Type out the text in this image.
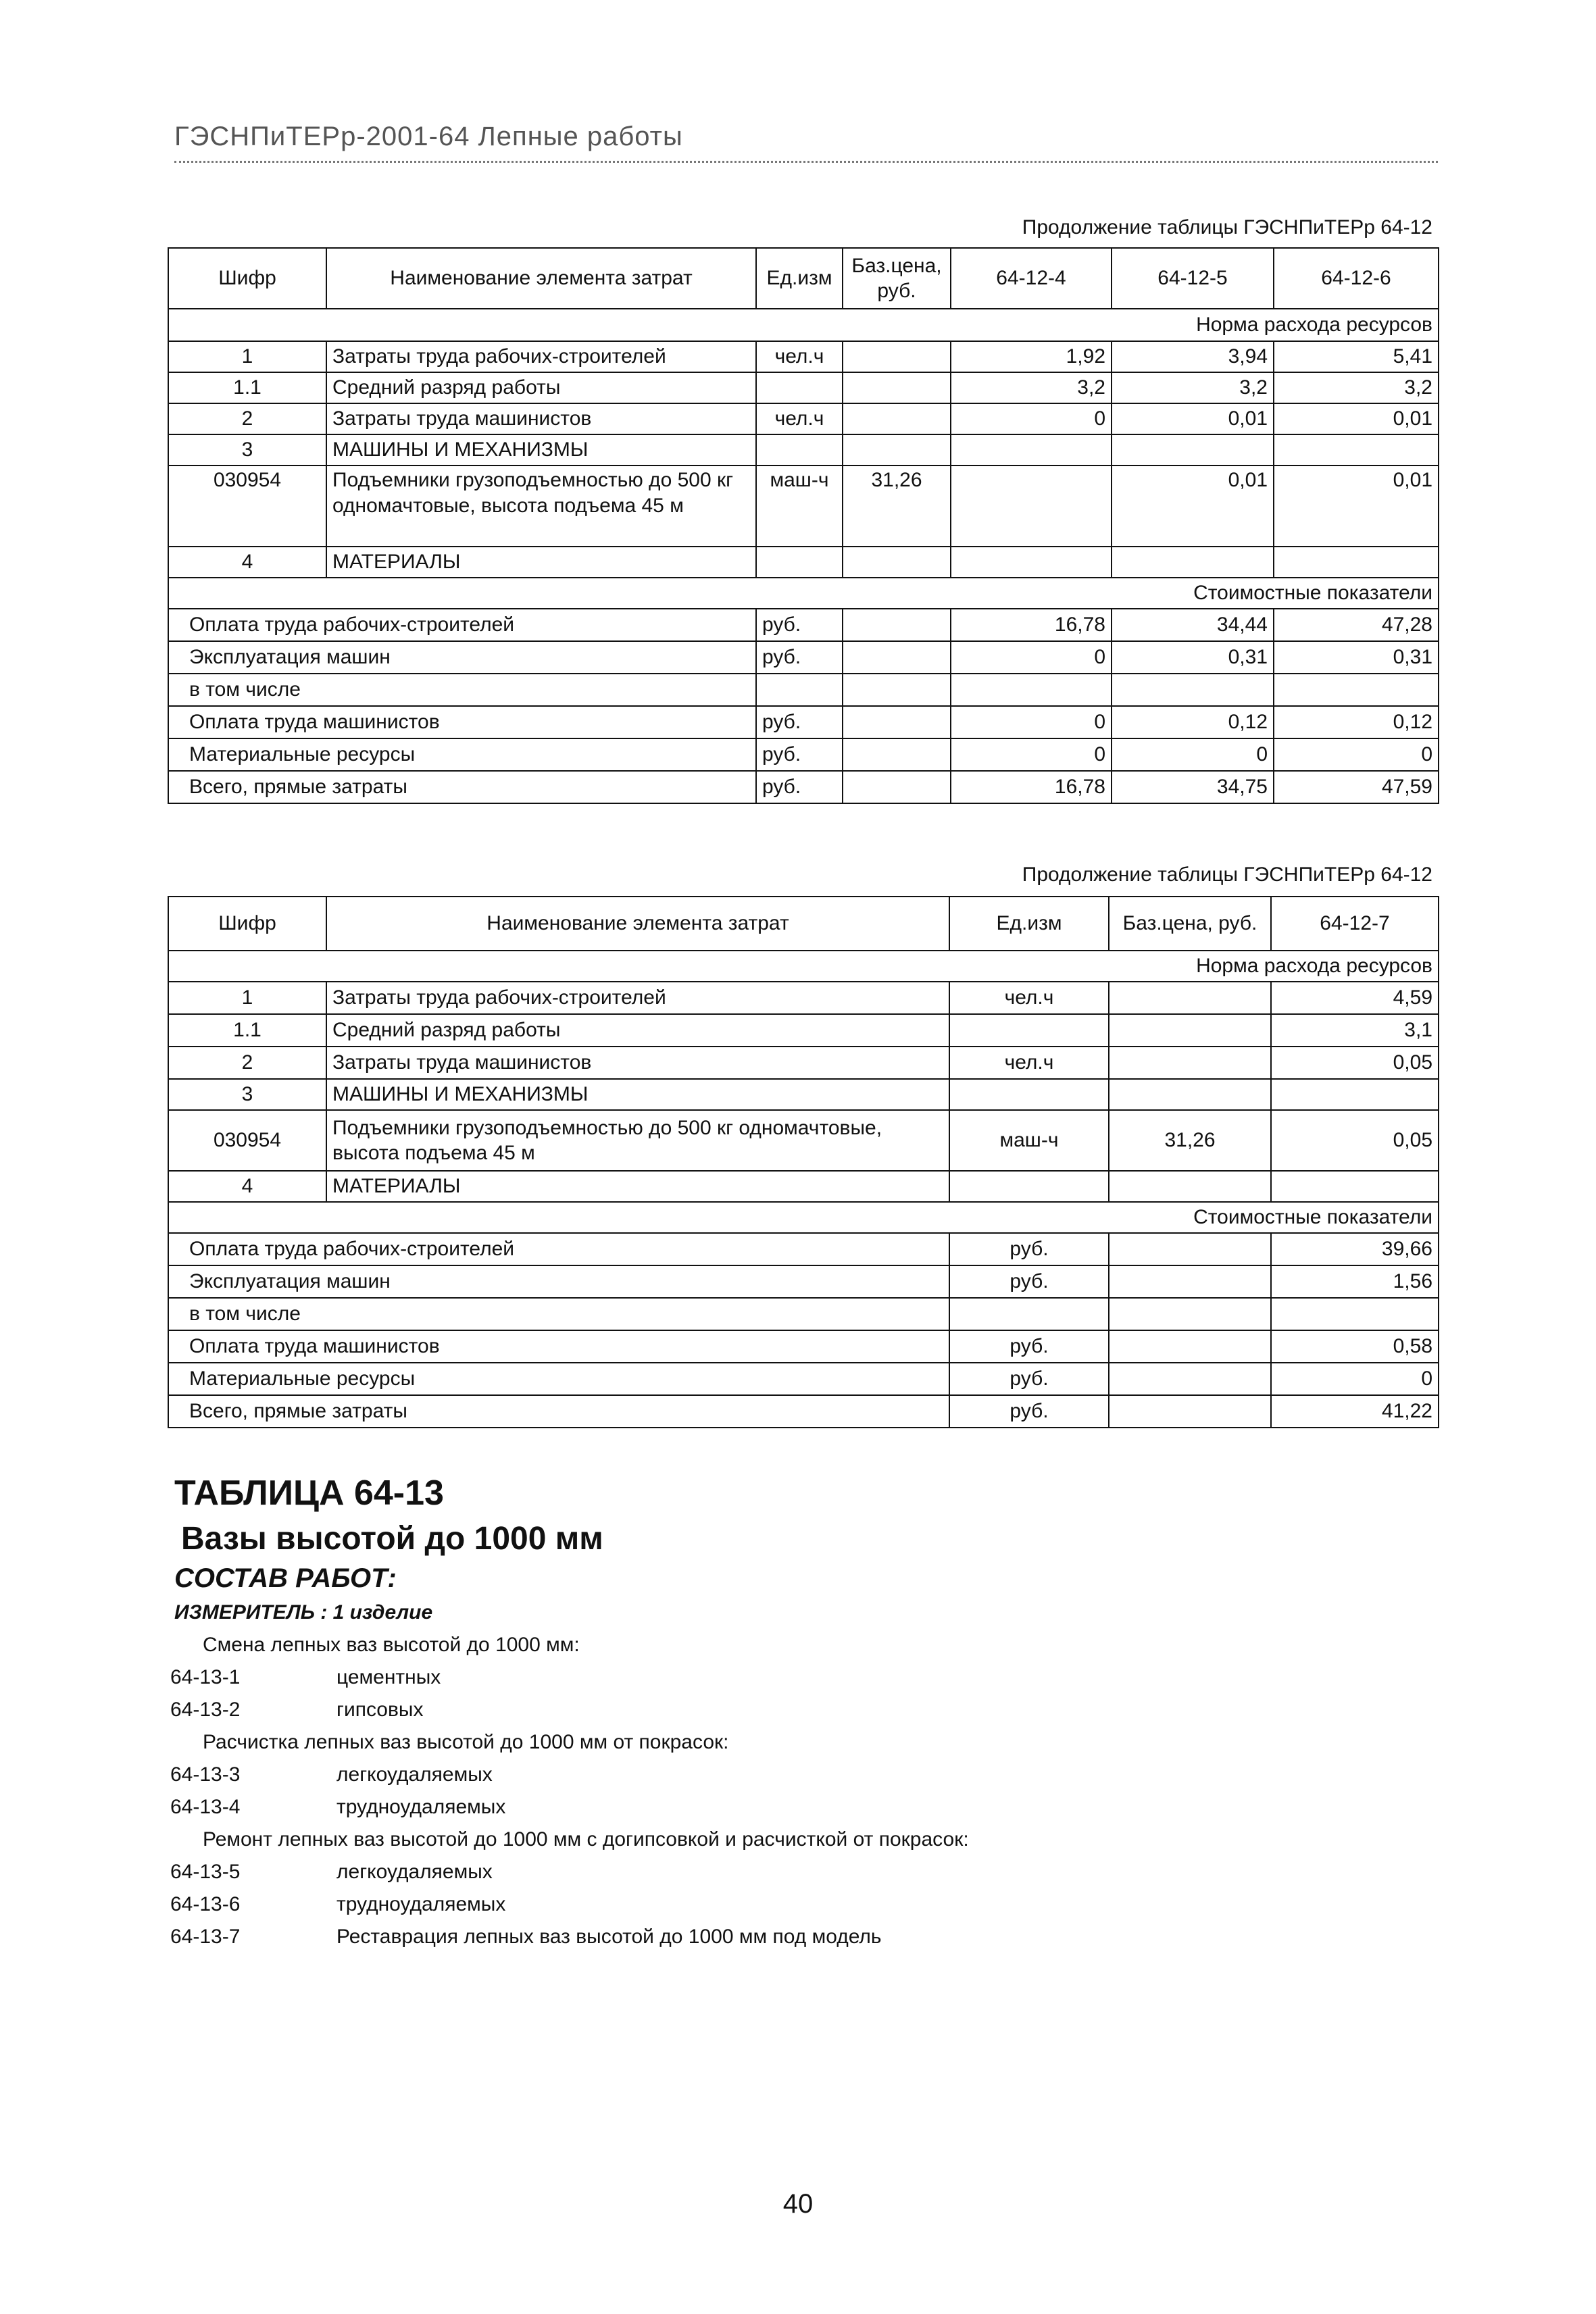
ГЭСНПиТЕРр-2001-64 Лепные работы
Продолжение таблицы ГЭСНПиТЕРр 64-12
Шифр	Наименование элемента затрат	Ед.изм	Баз.цена, руб.	64-12-4	64-12-5	64-12-6
Норма расхода ресурсов						
1	Затраты труда рабочих-строителей	чел.ч		1,92	3,94	5,41
1.1	Средний разряд работы			3,2	3,2	3,2
2	Затраты труда машинистов	чел.ч		0	0,01	0,01
3	МАШИНЫ И МЕХАНИЗМЫ					
030954	Подъемники грузоподъемностью до 500 кг одномачтовые, высота подъема 45 м	маш-ч	31,26		0,01	0,01
4	МАТЕРИАЛЫ					
Стоимостные показатели						
Оплата труда рабочих-строителей		руб.		16,78	34,44	47,28
Эксплуатация машин		руб.		0	0,31	0,31
в том числе						
Оплата труда машинистов		руб.		0	0,12	0,12
Материальные ресурсы		руб.		0	0	0
Всего, прямые затраты		руб.		16,78	34,75	47,59
Продолжение таблицы ГЭСНПиТЕРр 64-12
Шифр	Наименование элемента затрат	Ед.изм	Баз.цена, руб.	64-12-7
Норма расхода ресурсов				
1	Затраты труда рабочих-строителей	чел.ч		4,59
1.1	Средний разряд работы			3,1
2	Затраты труда машинистов	чел.ч		0,05
3	МАШИНЫ И МЕХАНИЗМЫ			
030954	Подъемники грузоподъемностью до 500 кг одномачтовые, высота подъема 45 м	маш-ч	31,26	0,05
4	МАТЕРИАЛЫ			
Стоимостные показатели				
Оплата труда рабочих-строителей		руб.		39,66
Эксплуатация машин		руб.		1,56
в том числе				
Оплата труда машинистов		руб.		0,58
Материальные ресурсы		руб.		0
Всего, прямые затраты		руб.		41,22
ТАБЛИЦА 64-13
Вазы высотой до 1000 мм
СОСТАВ РАБОТ:
ИЗМЕРИТЕЛЬ : 1 изделие
Смена лепных ваз высотой до 1000 мм:
64-13-1	цементных
64-13-2	гипсовых
Расчистка лепных ваз высотой до 1000 мм от покрасок:
64-13-3	легкоудаляемых
64-13-4	трудноудаляемых
Ремонт лепных ваз высотой до 1000 мм с догипсовкой и расчисткой от покрасок:
64-13-5	легкоудаляемых
64-13-6	трудноудаляемых
64-13-7	Реставрация лепных ваз высотой до 1000 мм под модель
40
